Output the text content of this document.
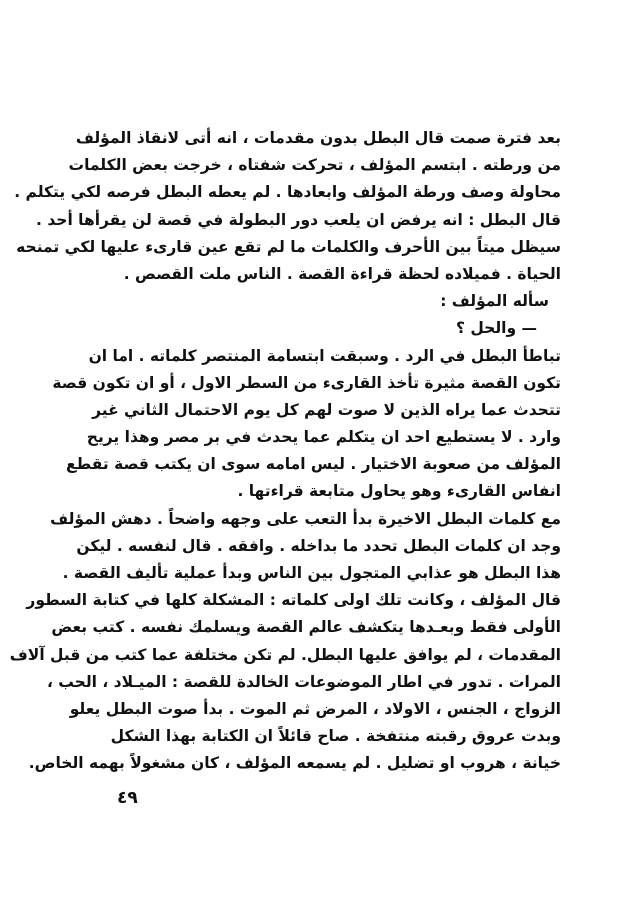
بعد فترة صمت قال البطل بدون مقدمات ، انه أتى لانقاذ المؤلف
من ورطته . ابتسم المؤلف ، تحركت شفتاه ، خرجت بعض الكلمات
محاولة وصف ورطة المؤلف وابعادها . لم يعطه البطل فرصه لكي يتكلم .
قال البطل : انه يرفض ان يلعب دور البطولة في قصة لن يقرأها أحد .
سيظل ميتاً بين الأحرف والكلمات ما لم تقع عين قارىء عليها لكي تمنحه
الحياة . فميلاده لحظة قراءة القصة . الناس ملت القصص .
سأله المؤلف :
— والحل ؟
تباطأ البطل في الرد . وسبقت ابتسامة المنتصر كلماته . اما ان
تكون القصة مثيرة تأخذ القارىء من السطر الاول ، أو ان تكون قصة
تتحدث عما يراه الذين لا صوت لهم كل يوم الاحتمال الثاني غير
وارد . لا يستطيع احد ان يتكلم عما يحدث في بر مصر وهذا يريح
المؤلف من صعوبة الاختيار . ليس امامه سوى ان يكتب قصة تقطع
انفاس القارىء وهو يحاول متابعة قراءتها .
مع كلمات البطل الاخيرة بدأ التعب على وجهه واضحاً . دهش المؤلف
وجد ان كلمات البطل تحدد ما بداخله . وافقه . قال لنفسه . ليكن
هذا البطل هو عذابي المتجول بين الناس وبدأ عملية تأليف القصة .
قال المؤلف ، وكانت تلك اولى كلماته : المشكلة كلها في كتابة السطور
الأولى فقط وبعـدها يتكشف عالم القصة ويسلمك نفسه . كتب بعض
المقدمات ، لم يوافق عليها البطل. لم تكن مختلفة عما كتب من قبل آلاف
المرات . تدور في اطار الموضوعات الخالدة للقصة : الميـلاد ، الحب ،
الزواج ، الجنس ، الاولاد ، المرض ثم الموت . بدأ صوت البطل يعلو
وبدت عروق رقبته منتفخة . صاح قائلاً ان الكتابة بهذا الشكل
خيانة ، هروب او تضليل . لم يسمعه المؤلف ، كان مشغولاً بهمه الخاص.
٤٩
